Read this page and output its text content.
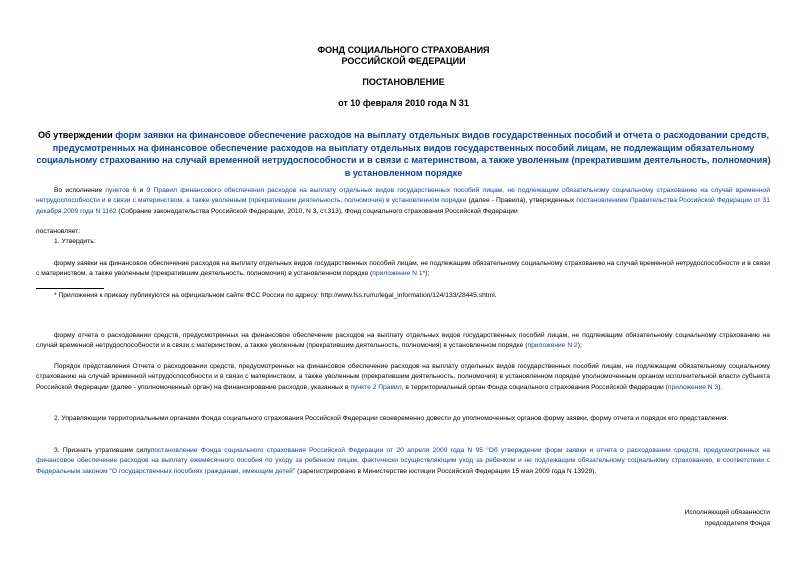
ФОНД СОЦИАЛЬНОГО СТРАХОВАНИЯ
РОССИЙСКОЙ ФЕДЕРАЦИИ
ПОСТАНОВЛЕНИЕ
от 10 февраля 2010 года N 31
Об утверждении форм заявки на финансовое обеспечение расходов на выплату отдельных видов государственных пособий и отчета о расходовании средств, предусмотренных на финансовое обеспечение расходов на выплату отдельных видов государственных пособий лицам, не подлежащим обязательному социальному страхованию на случай временной нетрудоспособности и в связи с материнством, а также уволенным (прекратившим деятельность, полномочия) в установленном порядке
Во исполнение пунктов 6 и 9 Правил финансового обеспечения расходов на выплату отдельных видов государственных пособий лицам, не подлежащим обязательному социальному страхованию на случай временной нетрудоспособности и в связи с материнством, а также уволенным (прекратившим деятельность, полномочия) в установленном порядке (далее - Правила), утвержденных постановлением Правительства Российской Федерации от 31 декабря 2009 года N 1162 (Собрание законодательства Российской Федерации, 2010, N 3, ст.313), Фонд социального страхования Российской Федерации
постановляет:
1. Утвердить:
форму заявки на финансовое обеспечение расходов на выплату отдельных видов государственных пособий лицам, не подлежащим обязательному социальному страхованию на случай временной нетрудоспособности и в связи с материнством, а также уволенным (прекратившим деятельность, полномочия) в установленном порядке (приложение N 1*);
* Приложения к приказу публикуются на официальном сайте ФСС России по адресу: http://www.fss.ru/ru/legal_information/124/133/28445.shtml.
форму отчета о расходовании средств, предусмотренных на финансовое обеспечение расходов на выплату отдельных видов государственных пособий лицам, не подлежащим обязательному социальному страхованию на случай временной нетрудоспособности и в связи с материнством, а также уволенным (прекратившим деятельность, полномочия) в установленном порядке (приложение N 2);
Порядок представления Отчета о расходовании средств, предусмотренных на финансовое обеспечение расходов на выплату отдельных видов государственных пособий лицам, не подлежащим обязательному социальному страхованию на случай временной нетрудоспособности и в связи с материнством, а также уволенным (прекратившим деятельность, полномочия) в установленном порядке уполномоченным органом исполнительной власти субъекта Российской Федерации (далее - уполномоченный орган) на финансирование расходов, указанных в пункте 2 Правил, в территориальный орган Фонда социального страхования Российской Федерации (приложение N 3).
2. Управляющим территориальными органами Фонда социального страхования Российской Федерации своевременно довести до уполномоченных органов форму заявки, форму отчета и порядок его представления.
3. Признать утратившим силупостановление Фонда социального страхования Российской Федерации от 20 апреля 2009 года N 95 "Об утверждении форм заявки и отчета о расходовании средств, предусмотренных на финансовое обеспечение расходов на выплату ежемесячного пособия по уходу за ребенком лицам, фактически осуществляющим уход за ребенком и не подлежащим обязательному социальному страхованию, в соответствии с Федеральным законом "О государственных пособиях гражданам, имеющим детей" (зарегистрировано в Министерстве юстиции Российской Федерации 15 мая 2009 года N 13929).
Исполняющий обязанности
председателя Фонда
